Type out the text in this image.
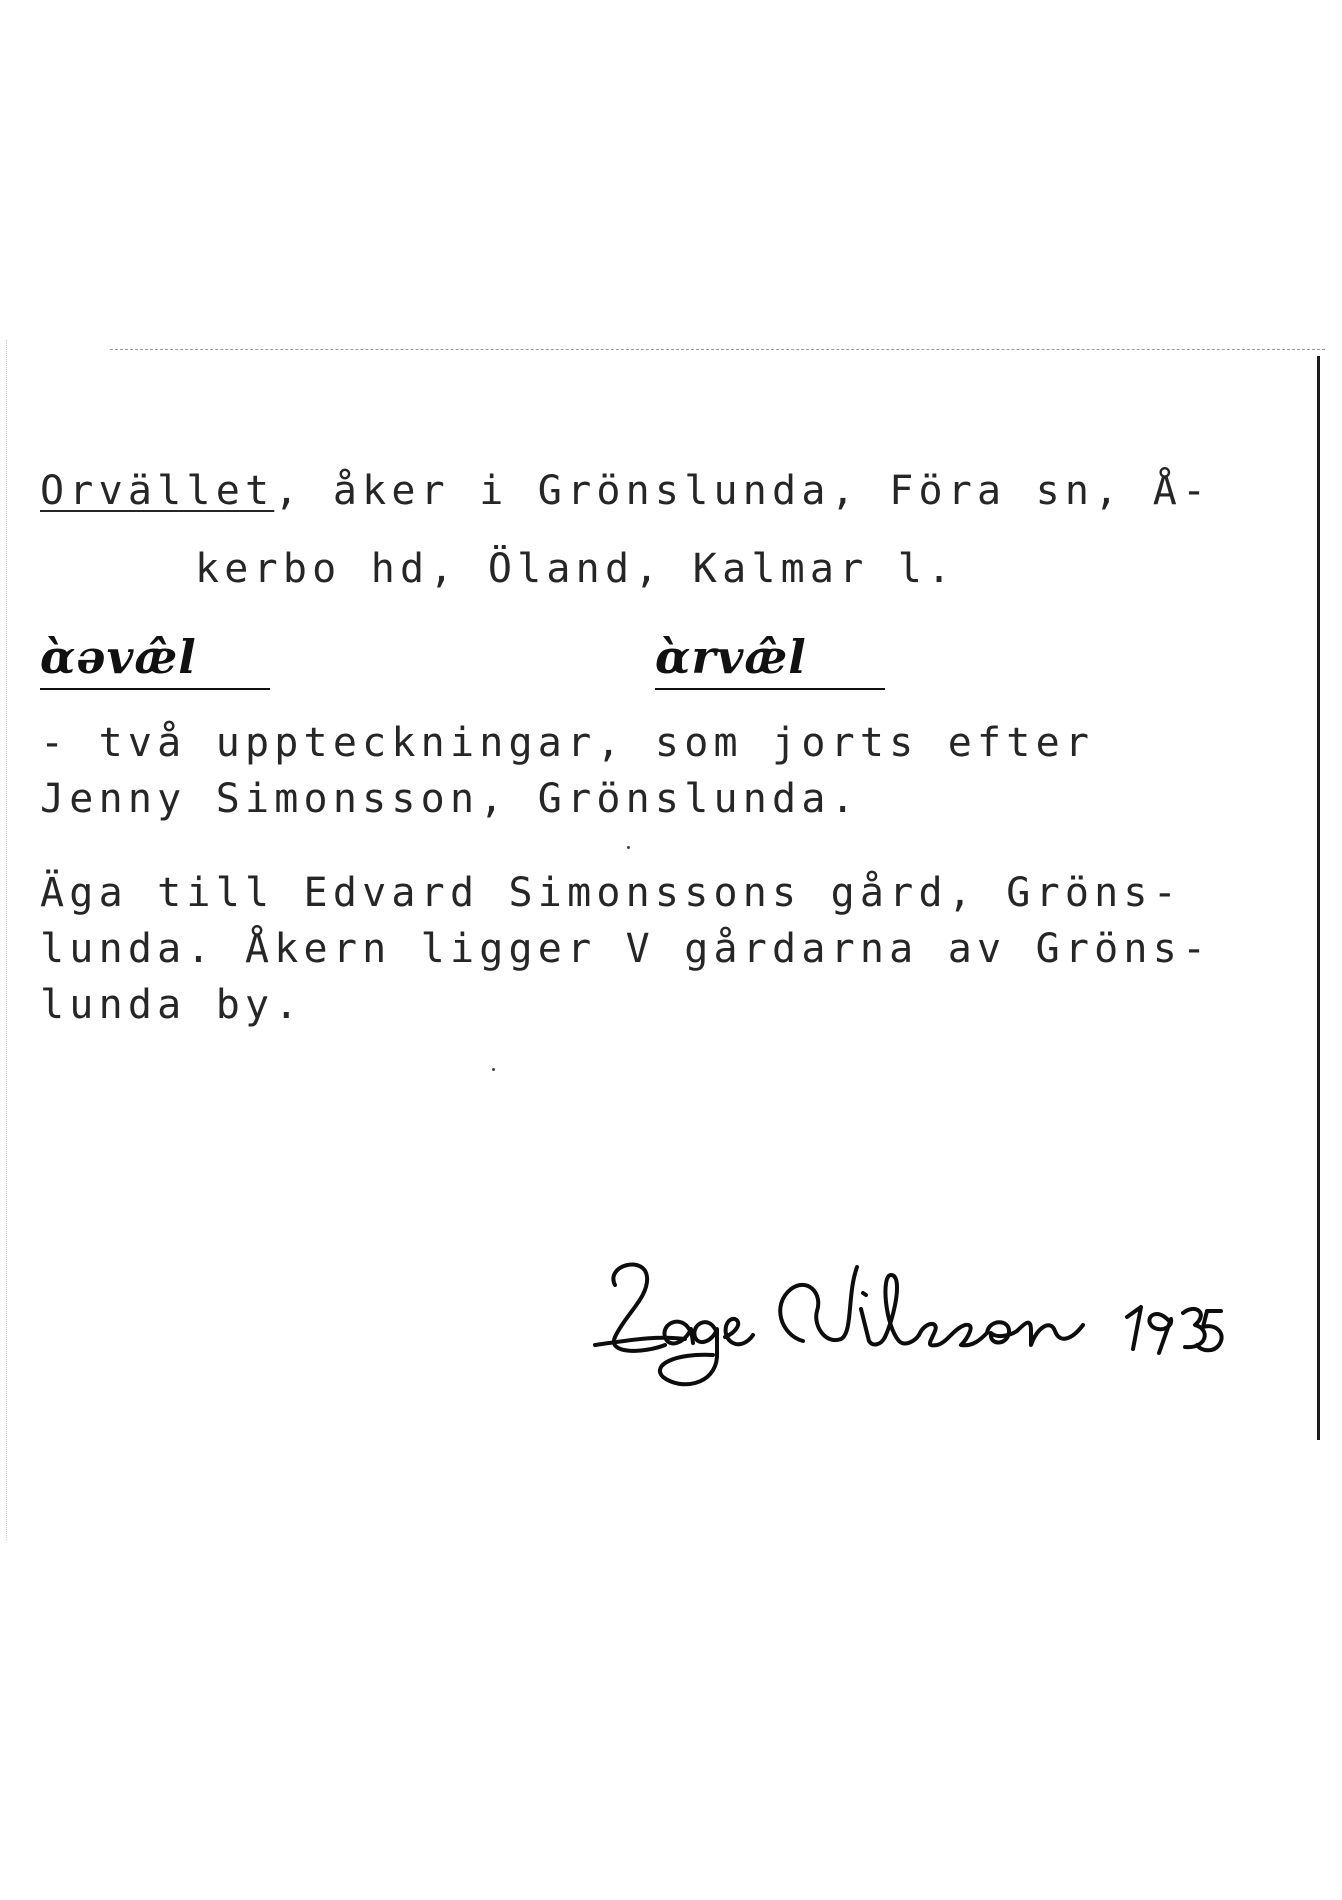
Orvället, åker i Grönslunda, Föra sn, Å-
kerbo hd, Öland, Kalmar l.
ɑ̀əvæ̂l	ɑ̀rvæ̂l
- två uppteckningar, som jorts efter
Jenny Simonsson, Grönslunda.
Äga till Edvard Simonssons gård, Gröns-
lunda. Åkern ligger V gårdarna av Gröns-
lunda by.
